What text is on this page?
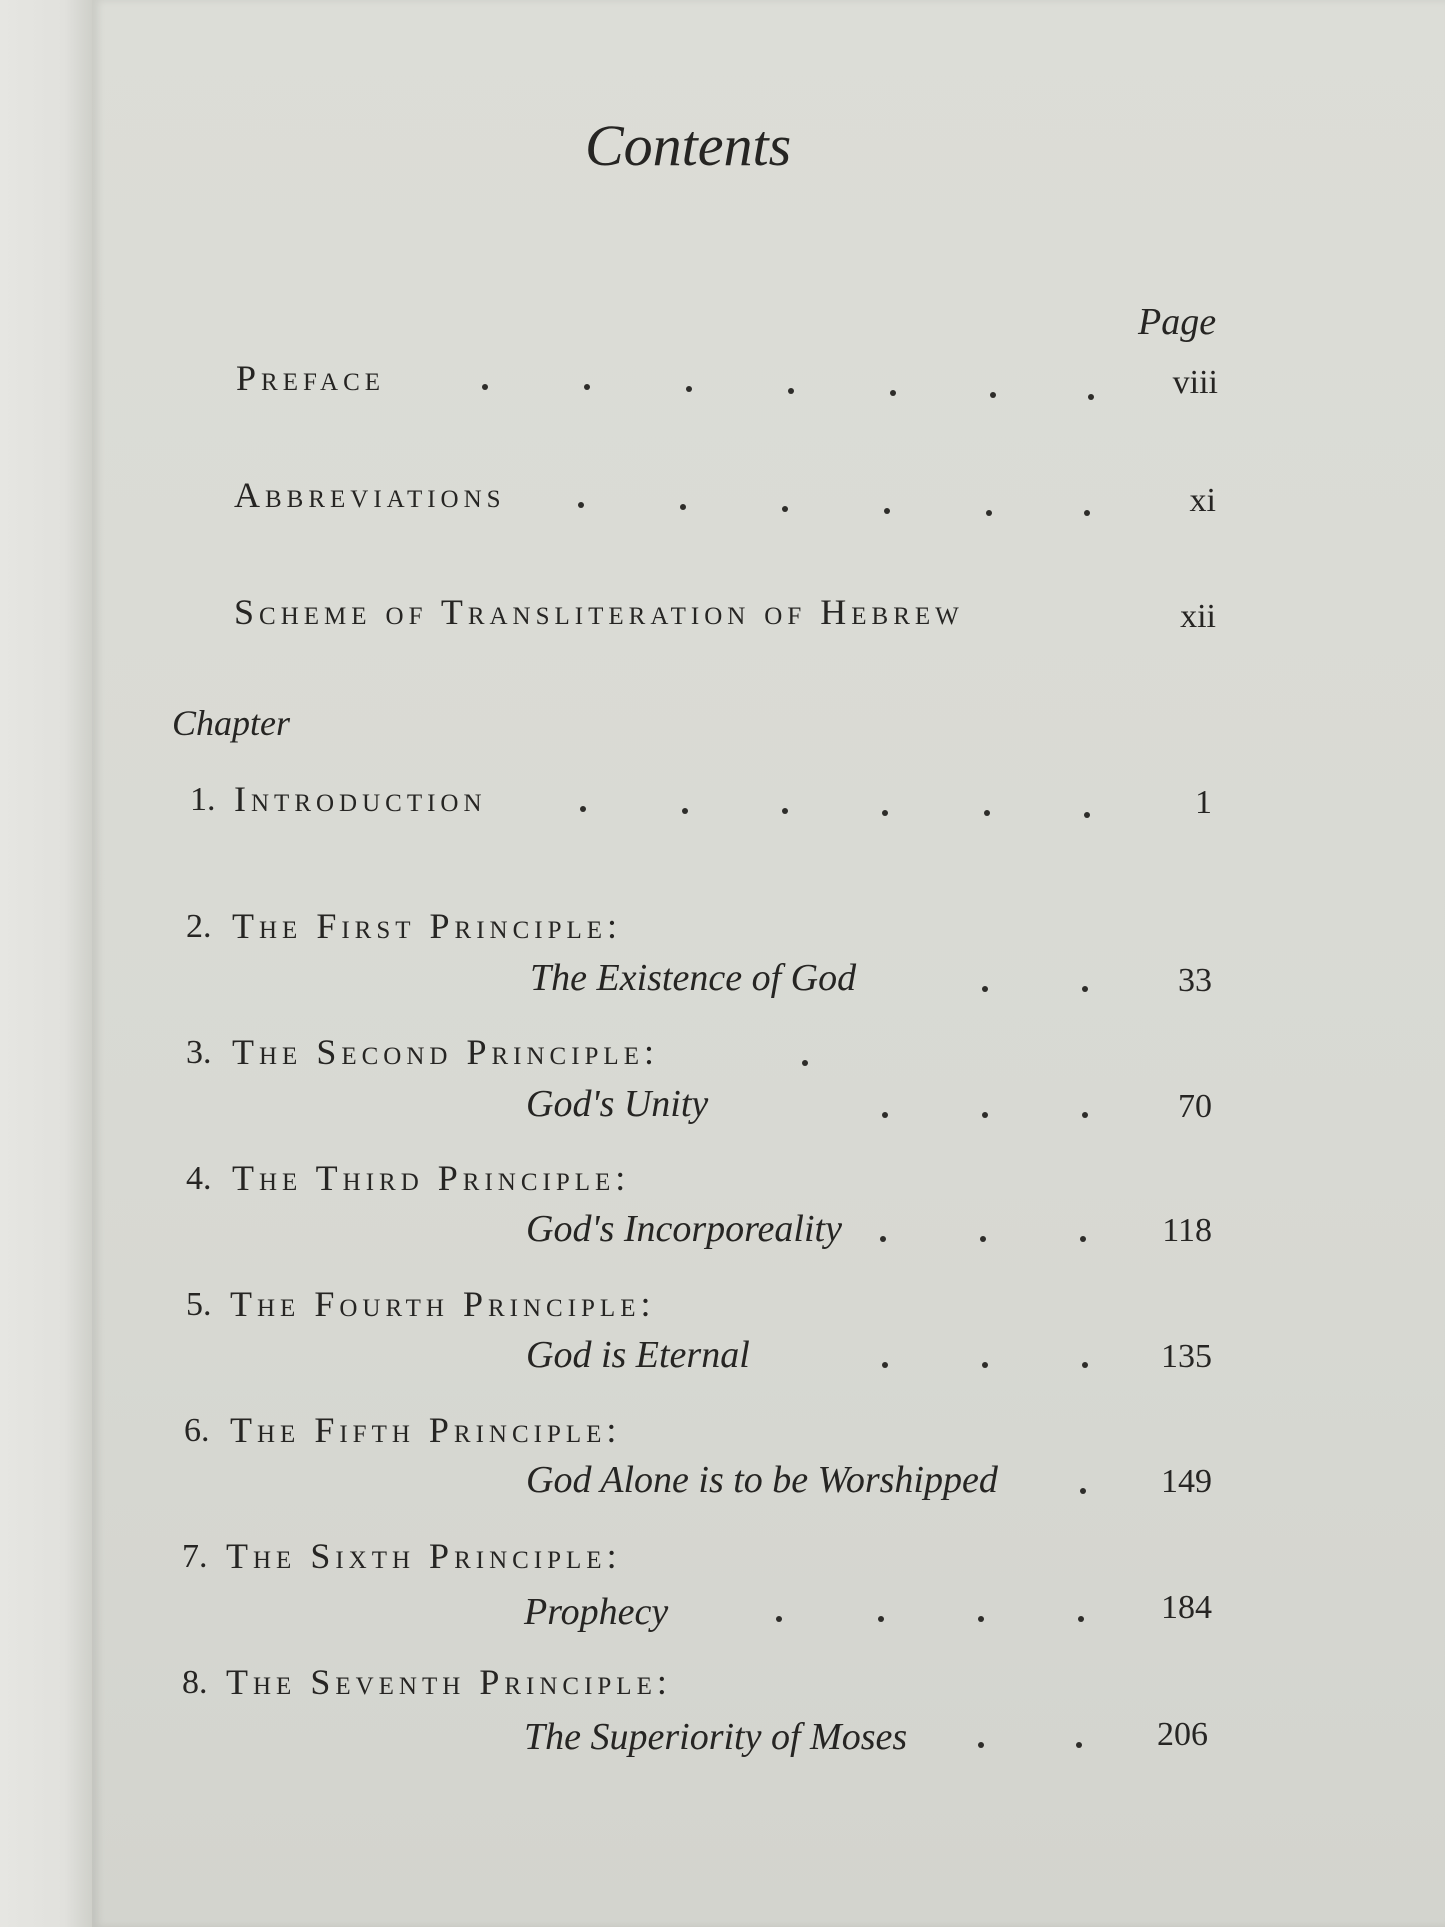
Contents
Page
Preface	viii
Abbreviations	xi
Scheme of Transliteration of Hebrew	xii
Chapter
1. Introduction	1
2. The First Principle:
The Existence of God	33
3. The Second Principle:
God's Unity	70
4. The Third Principle:
God's Incorporeality	118
5. The Fourth Principle:
God is Eternal	135
6. The Fifth Principle:
God Alone is to be Worshipped	149
7. The Sixth Principle:
Prophecy	184
8. The Seventh Principle:
The Superiority of Moses	206
